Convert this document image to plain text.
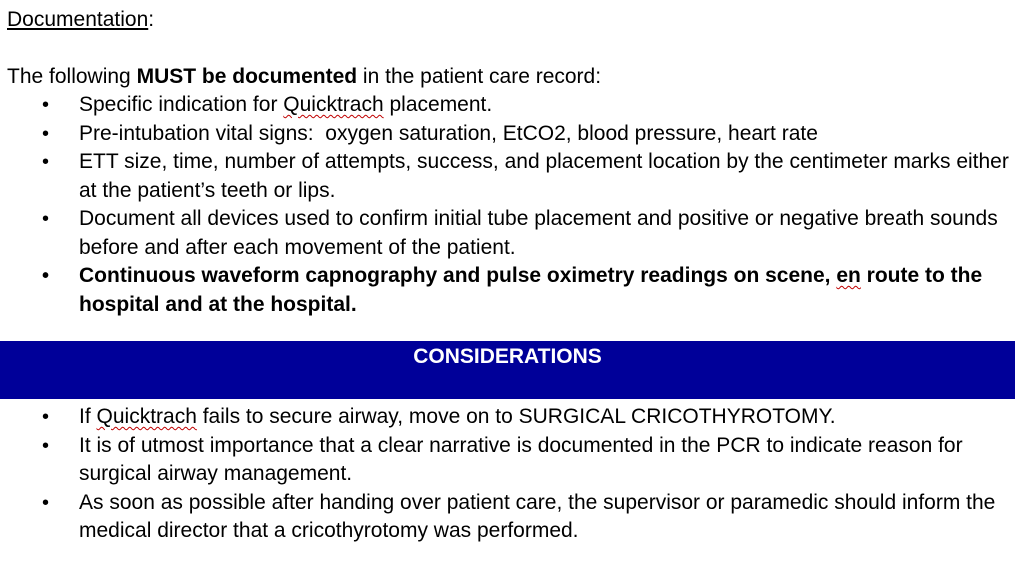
Documentation:
The following MUST be documented in the patient care record:
• Specific indication for Quicktrach placement.
• Pre-intubation vital signs:  oxygen saturation, EtCO2, blood pressure, heart rate
• ETT size, time, number of attempts, success, and placement location by the centimeter marks either at the patient’s teeth or lips.
• Document all devices used to confirm initial tube placement and positive or negative breath sounds before and after each movement of the patient.
• Continuous waveform capnography and pulse oximetry readings on scene, en route to the hospital and at the hospital.
CONSIDERATIONS
• If Quicktrach fails to secure airway, move on to SURGICAL CRICOTHYROTOMY.
• It is of utmost importance that a clear narrative is documented in the PCR to indicate reason for surgical airway management.
• As soon as possible after handing over patient care, the supervisor or paramedic should inform the medical director that a cricothyrotomy was performed.
